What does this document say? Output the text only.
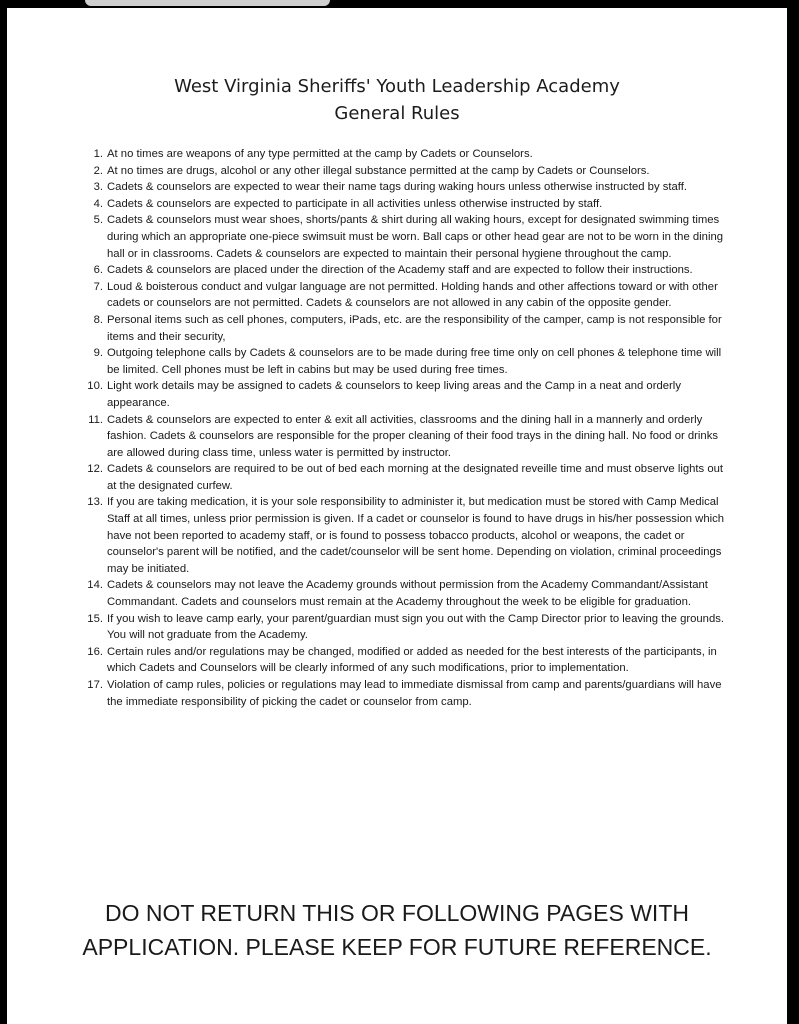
West Virginia Sheriffs' Youth Leadership Academy
General Rules
1. At no times are weapons of any type permitted at the camp by Cadets or Counselors.
2. At no times are drugs, alcohol or any other illegal substance permitted at the camp by Cadets or Counselors.
3. Cadets & counselors are expected to wear their name tags during waking hours unless otherwise instructed by staff.
4. Cadets & counselors are expected to participate in all activities unless otherwise instructed by staff.
5. Cadets & counselors must wear shoes, shorts/pants & shirt during all waking hours, except for designated swimming times during which an appropriate one-piece swimsuit must be worn. Ball caps or other head gear are not to be worn in the dining hall or in classrooms. Cadets & counselors are expected to maintain their personal hygiene throughout the camp.
6. Cadets & counselors are placed under the direction of the Academy staff and are expected to follow their instructions.
7. Loud & boisterous conduct and vulgar language are not permitted. Holding hands and other affections toward or with other cadets or counselors are not permitted. Cadets & counselors are not allowed in any cabin of the opposite gender.
8. Personal items such as cell phones, computers, iPads, etc. are the responsibility of the camper, camp is not responsible for items and their security,
9. Outgoing telephone calls by Cadets & counselors are to be made during free time only on cell phones & telephone time will be limited. Cell phones must be left in cabins but may be used during free times.
10. Light work details may be assigned to cadets & counselors to keep living areas and the Camp in a neat and orderly appearance.
11. Cadets & counselors are expected to enter & exit all activities, classrooms and the dining hall in a mannerly and orderly fashion. Cadets & counselors are responsible for the proper cleaning of their food trays in the dining hall. No food or drinks are allowed during class time, unless water is permitted by instructor.
12. Cadets & counselors are required to be out of bed each morning at the designated reveille time and must observe lights out at the designated curfew.
13. If you are taking medication, it is your sole responsibility to administer it, but medication must be stored with Camp Medical Staff at all times, unless prior permission is given. If a cadet or counselor is found to have drugs in his/her possession which have not been reported to academy staff, or is found to possess tobacco products, alcohol or weapons, the cadet or counselor's parent will be notified, and the cadet/counselor will be sent home. Depending on violation, criminal proceedings may be initiated.
14. Cadets & counselors may not leave the Academy grounds without permission from the Academy Commandant/Assistant Commandant. Cadets and counselors must remain at the Academy throughout the week to be eligible for graduation.
15. If you wish to leave camp early, your parent/guardian must sign you out with the Camp Director prior to leaving the grounds. You will not graduate from the Academy.
16. Certain rules and/or regulations may be changed, modified or added as needed for the best interests of the participants, in which Cadets and Counselors will be clearly informed of any such modifications, prior to implementation.
17. Violation of camp rules, policies or regulations may lead to immediate dismissal from camp and parents/guardians will have the immediate responsibility of picking the cadet or counselor from camp.
DO NOT RETURN THIS OR FOLLOWING PAGES WITH
APPLICATION. PLEASE KEEP FOR FUTURE REFERENCE.
